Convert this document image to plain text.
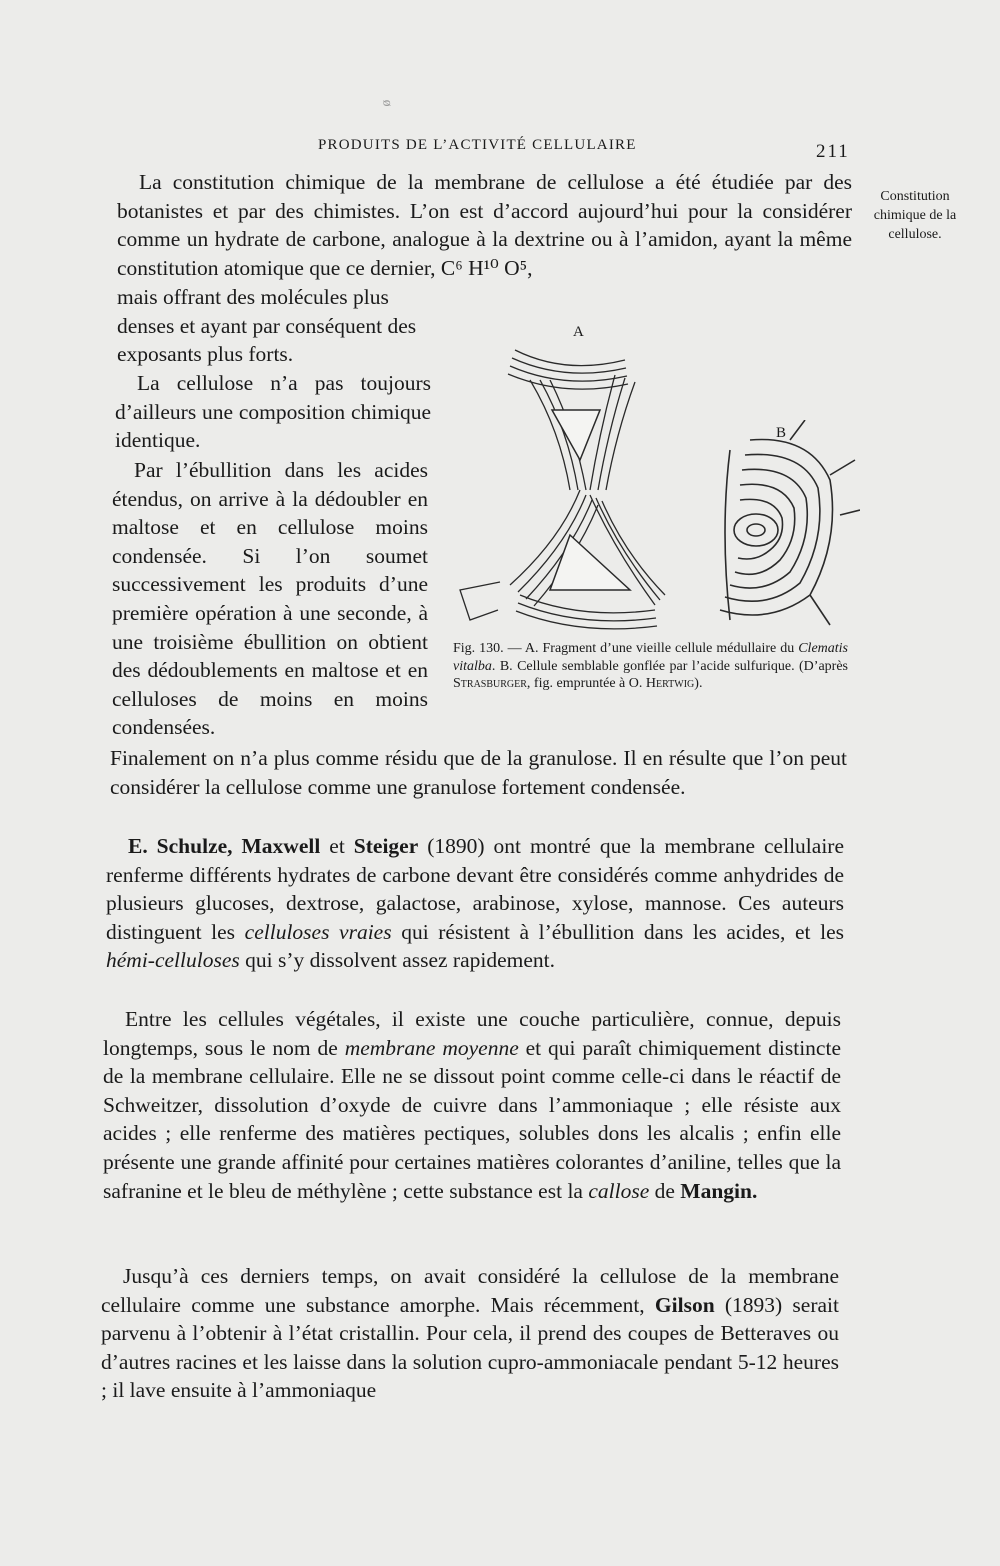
ᴓ
PRODUITS DE L’ACTIVITÉ CELLULAIRE	211
Constitution
chimique de la
cellulose.

La constitution chimique de la membrane de cellulose a été étudiée par des botanistes et par des chimistes. L’on est d’accord aujourd’hui pour la considérer comme un hydrate de carbone, analogue à la dextrine ou à l’amidon, ayant la même constitution atomique que ce dernier, C⁶ H¹⁰ O⁵,

mais offrant des molécules plus denses et ayant par conséquent des exposants plus forts.

La cellulose n’a pas toujours d’ailleurs une composition chimique identique.

Par l’ébullition dans les acides étendus, on arrive à la dédoubler en maltose et en cellulose moins condensée. Si l’on soumet successivement les produits d’une première opération à une seconde, à une troisième ébullition on obtient des dédoublements en maltose et en celluloses de moins en moins condensées.

Finalement on n’a plus comme résidu que de la granulose. Il en résulte que l’on peut considérer la cellulose comme une granulose fortement condensée.

E. Schulze, Maxwell et Steiger (1890) ont montré que la membrane cellulaire renferme différents hydrates de carbone devant être considérés comme anhydrides de plusieurs glucoses, dextrose, galactose, arabinose, xylose, mannose. Ces auteurs distinguent les celluloses vraies qui résistent à l’ébullition dans les acides, et les hémi-celluloses qui s’y dissolvent assez rapidement.

Entre les cellules végétales, il existe une couche particulière, connue, depuis longtemps, sous le nom de membrane moyenne et qui paraît chimiquement distincte de la membrane cellulaire. Elle ne se dissout point comme celle-ci dans le réactif de Schweitzer, dissolution d’oxyde de cuivre dans l’ammoniaque ; elle résiste aux acides ; elle renferme des matières pectiques, solubles dons les alcalis ; enfin elle présente une grande affinité pour certaines matières colorantes d’aniline, telles que la safranine et le bleu de méthylène ; cette substance est la callose de Mangin.

Jusqu’à ces derniers temps, on avait considéré la cellulose de la membrane cellulaire comme une substance amorphe. Mais récemment, Gilson (1893) serait parvenu à l’obtenir à l’état cristallin. Pour cela, il prend des coupes de Betteraves ou d’autres racines et les laisse dans la solution cupro-ammoniacale pendant 5-12 heures ; il lave ensuite à l’ammoniaque

A
B

Fig. 130. — A. Fragment d’une vieille cellule médullaire du Clematis vitalba. B. Cellule semblable gonflée par l’acide sulfurique. (D’après Strasburger, fig. empruntée à O. Hertwig).
